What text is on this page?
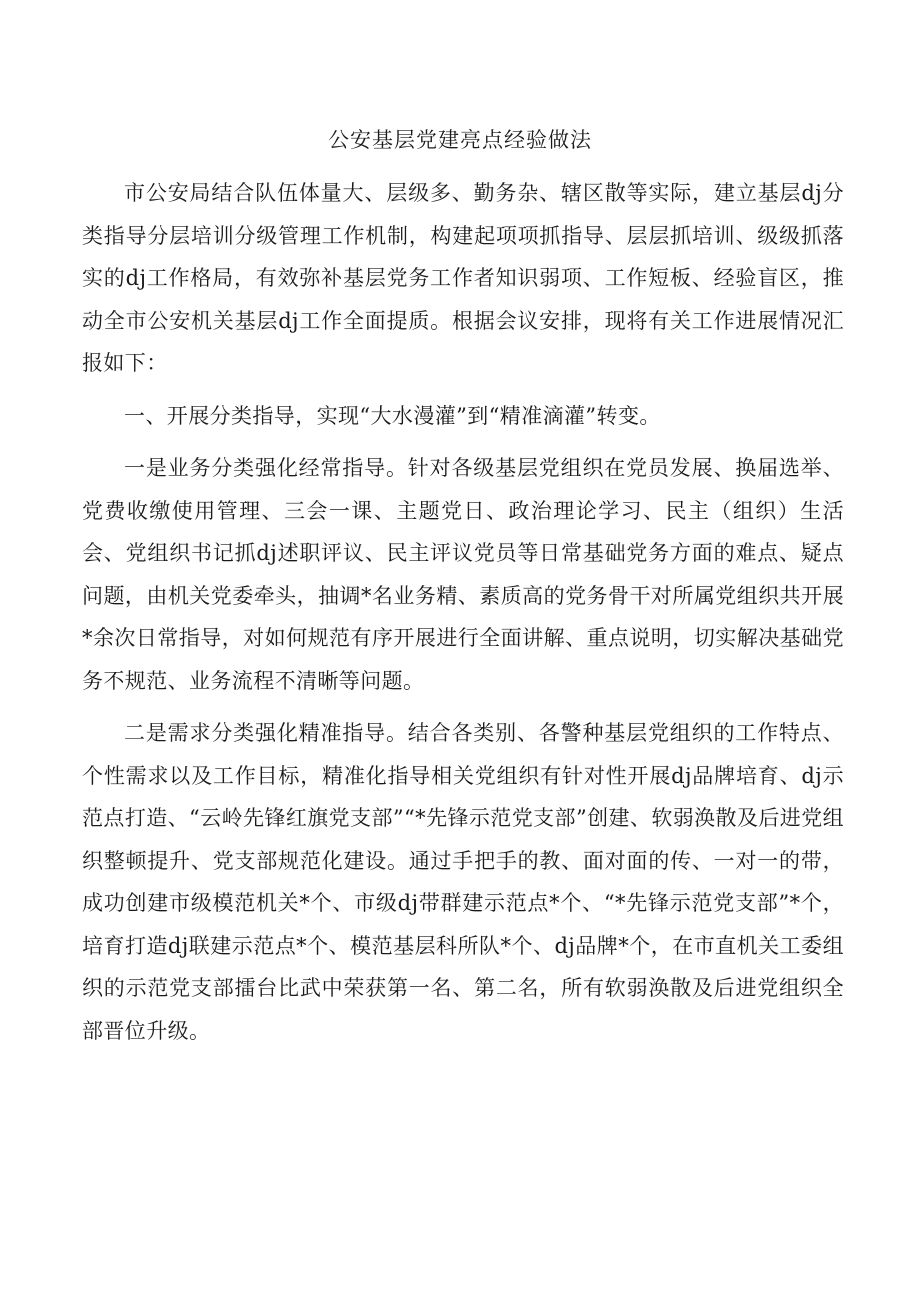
公安基层党建亮点经验做法

市公安局结合队伍体量大、层级多、勤务杂、辖区散等实际，建立基层dj分类指导分层培训分级管理工作机制，构建起项项抓指导、层层抓培训、级级抓落实的dj工作格局，有效弥补基层党务工作者知识弱项、工作短板、经验盲区，推动全市公安机关基层dj工作全面提质。根据会议安排，现将有关工作进展情况汇报如下：

一、开展分类指导，实现“大水漫灌”到“精准滴灌”转变。

一是业务分类强化经常指导。针对各级基层党组织在党员发展、换届选举、党费收缴使用管理、三会一课、主题党日、政治理论学习、民主（组织）生活会、党组织书记抓dj述职评议、民主评议党员等日常基础党务方面的难点、疑点问题，由机关党委牵头，抽调*名业务精、素质高的党务骨干对所属党组织共开展*余次日常指导，对如何规范有序开展进行全面讲解、重点说明，切实解决基础党务不规范、业务流程不清晰等问题。

二是需求分类强化精准指导。结合各类别、各警种基层党组织的工作特点、个性需求以及工作目标，精准化指导相关党组织有针对性开展dj品牌培育、dj示范点打造、“云岭先锋红旗党支部”“*先锋示范党支部”创建、软弱涣散及后进党组织整顿提升、党支部规范化建设。通过手把手的教、面对面的传、一对一的带，成功创建市级模范机关*个、市级dj带群建示范点*个、“*先锋示范党支部”*个，培育打造dj联建示范点*个、模范基层科所队*个、dj品牌*个，在市直机关工委组织的示范党支部擂台比武中荣获第一名、第二名，所有软弱涣散及后进党组织全部晋位升级。
